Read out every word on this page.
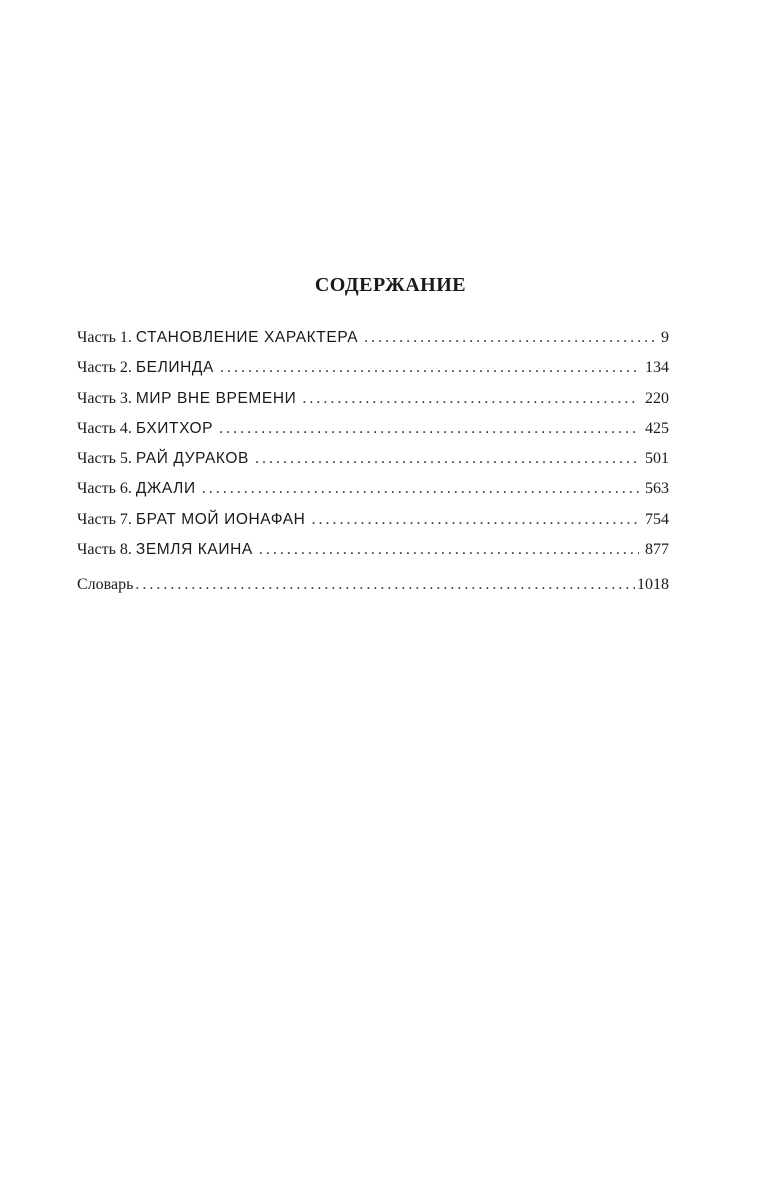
СОДЕРЖАНИЕ
Часть 1. СТАНОВЛЕНИЕ ХАРАКТЕРА . . .	9
Часть 2. БЕЛИНДА . . .	134
Часть 3. МИР ВНЕ ВРЕМЕНИ . . .	220
Часть 4. БХИТХОР . . .	425
Часть 5. РАЙ ДУРАКОВ . . .	501
Часть 6. ДЖАЛИ . . .	563
Часть 7. БРАТ МОЙ ИОНАФАН . . .	754
Часть 8. ЗЕМЛЯ КАИНА . . .	877
Словарь . . .	1018
